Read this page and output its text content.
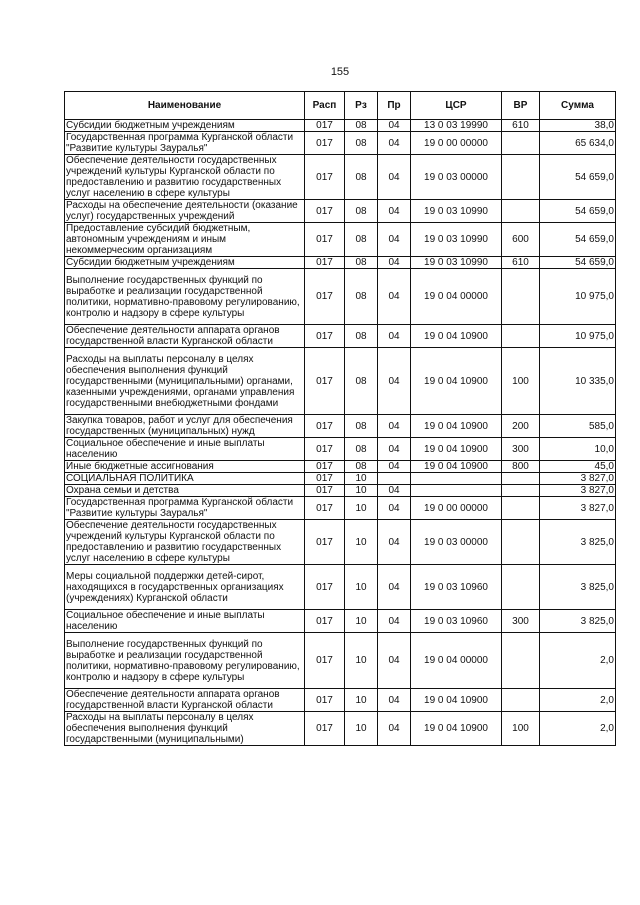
155
Наименование	Расп	Рз	Пр	ЦСР	ВР	Сумма
Субсидии бюджетным учреждениям	017	08	04	13 0 03 19990	610	38,0
Государственная программа Курганской области "Развитие культуры Зауралья"	017	08	04	19 0 00 00000		65 634,0
Обеспечение деятельности государственных учреждений культуры Курганской области по предоставлению и развитию государственных услуг населению в сфере культуры	017	08	04	19 0 03 00000		54 659,0
Расходы на обеспечение деятельности (оказание услуг) государственных учреждений	017	08	04	19 0 03 10990		54 659,0
Предоставление субсидий бюджетным, автономным учреждениям и иным некоммерческим организациям	017	08	04	19 0 03 10990	600	54 659,0
Субсидии бюджетным учреждениям	017	08	04	19 0 03 10990	610	54 659,0
Выполнение государственных функций по выработке и реализации государственной политики, нормативно-правовому регулированию, контролю и надзору в сфере культуры	017	08	04	19 0 04 00000		10 975,0
Обеспечение деятельности аппарата органов государственной власти Курганской области	017	08	04	19 0 04 10900		10 975,0
Расходы на выплаты персоналу в целях обеспечения выполнения функций государственными (муниципальными) органами, казенными учреждениями, органами управления государственными внебюджетными фондами	017	08	04	19 0 04 10900	100	10 335,0
Закупка товаров, работ и услуг для обеспечения государственных (муниципальных) нужд	017	08	04	19 0 04 10900	200	585,0
Социальное обеспечение и иные выплаты населению	017	08	04	19 0 04 10900	300	10,0
Иные бюджетные ассигнования	017	08	04	19 0 04 10900	800	45,0
СОЦИАЛЬНАЯ ПОЛИТИКА	017	10				3 827,0
Охрана семьи и детства	017	10	04			3 827,0
Государственная программа Курганской области "Развитие культуры Зауралья"	017	10	04	19 0 00 00000		3 827,0
Обеспечение деятельности государственных учреждений культуры Курганской области по предоставлению и развитию государственных услуг населению в сфере культуры	017	10	04	19 0 03 00000		3 825,0
Меры социальной поддержки детей-сирот, находящихся в государственных организациях (учреждениях) Курганской области	017	10	04	19 0 03 10960		3 825,0
Социальное обеспечение и иные выплаты населению	017	10	04	19 0 03 10960	300	3 825,0
Выполнение государственных функций по выработке и реализации государственной политики, нормативно-правовому регулированию, контролю и надзору в сфере культуры	017	10	04	19 0 04 00000		2,0
Обеспечение деятельности аппарата органов государственной власти Курганской области	017	10	04	19 0 04 10900		2,0
Расходы на выплаты персоналу в целях обеспечения выполнения функций государственными (муниципальными)	017	10	04	19 0 04 10900	100	2,0
